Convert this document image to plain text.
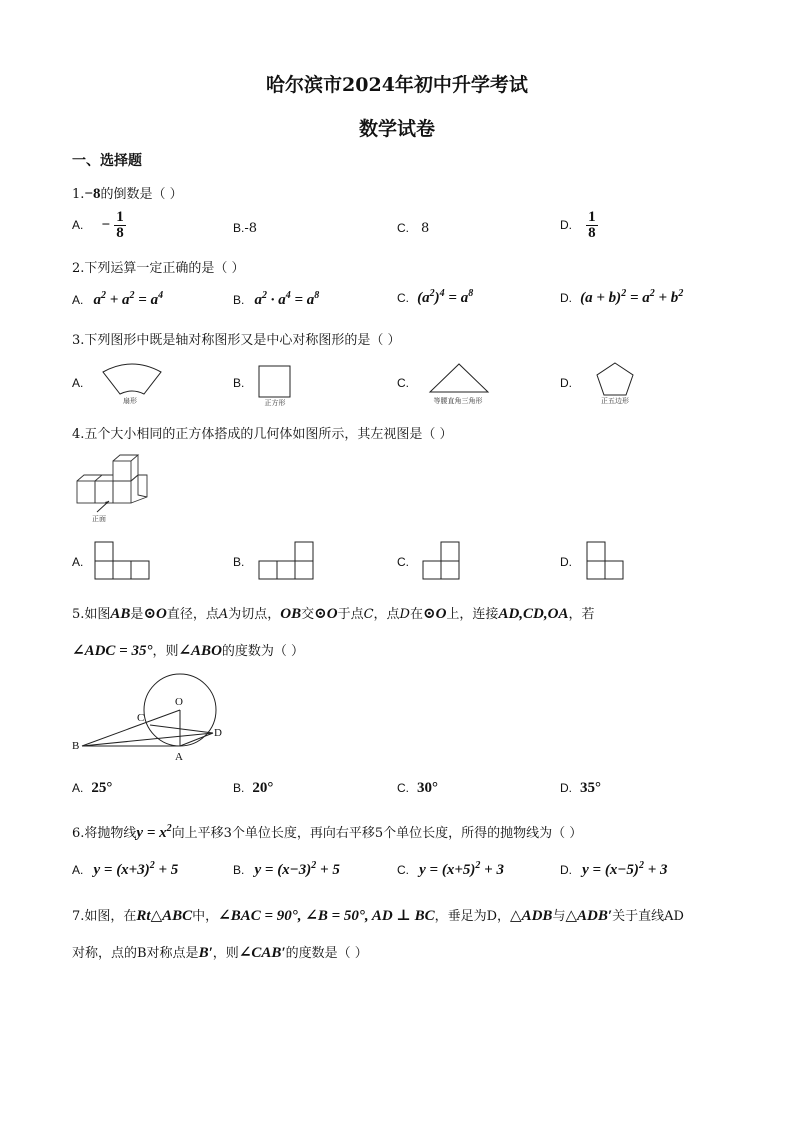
哈尔滨市2024年初中升学考试
数学试卷
一、选择题
1.−8的倒数是（ ）
A. − $\frac{1}{8}$	B.-8	C. 8	D. $\frac{1}{8}$
2.下列运算一定正确的是（ ）
A. $a^2 + a^2 = a^4$	B. $a^2 \cdot a^4 = a^8$	C. $(a^2)^4 = a^8$	D. $(a + b)^2 = a^2 + b^2$
3.下列图形中既是轴对称图形又是中心对称图形的是（ ）
A.	B.	C.	D.
扇形	正方形	等腰直角三角形	正五边形
4.五个大小相同的正方体搭成的几何体如图所示，其左视图是（ ）
正面
A.	B.	C.	D.
5.如图AB是⊙O直径，点A为切点，OB交⊙O于点C，点D在⊙O上，连接AD,CD,OA，若
∠ADC = 35°，则∠ABO的度数为（ ）
O
C
B
A
D
A. 25°	B. 20°	C. 30°	D. 35°
6.将抛物线$y = x^2$向上平移3个单位长度，再向右平移5个单位长度，所得的抛物线为（ ）
A. $y = (x+3)^2 + 5$	B. $y = (x-3)^2 + 5$	C. $y = (x+5)^2 + 3$	D. $y = (x-5)^2 + 3$
7.如图，在Rt△ABC中，∠BAC = 90°, ∠B = 50°, AD ⊥ BC，垂足为D，△ADB与△ADB′关于直线AD
对称，点的B对称点是B′，则∠CAB′的度数是（ ）
